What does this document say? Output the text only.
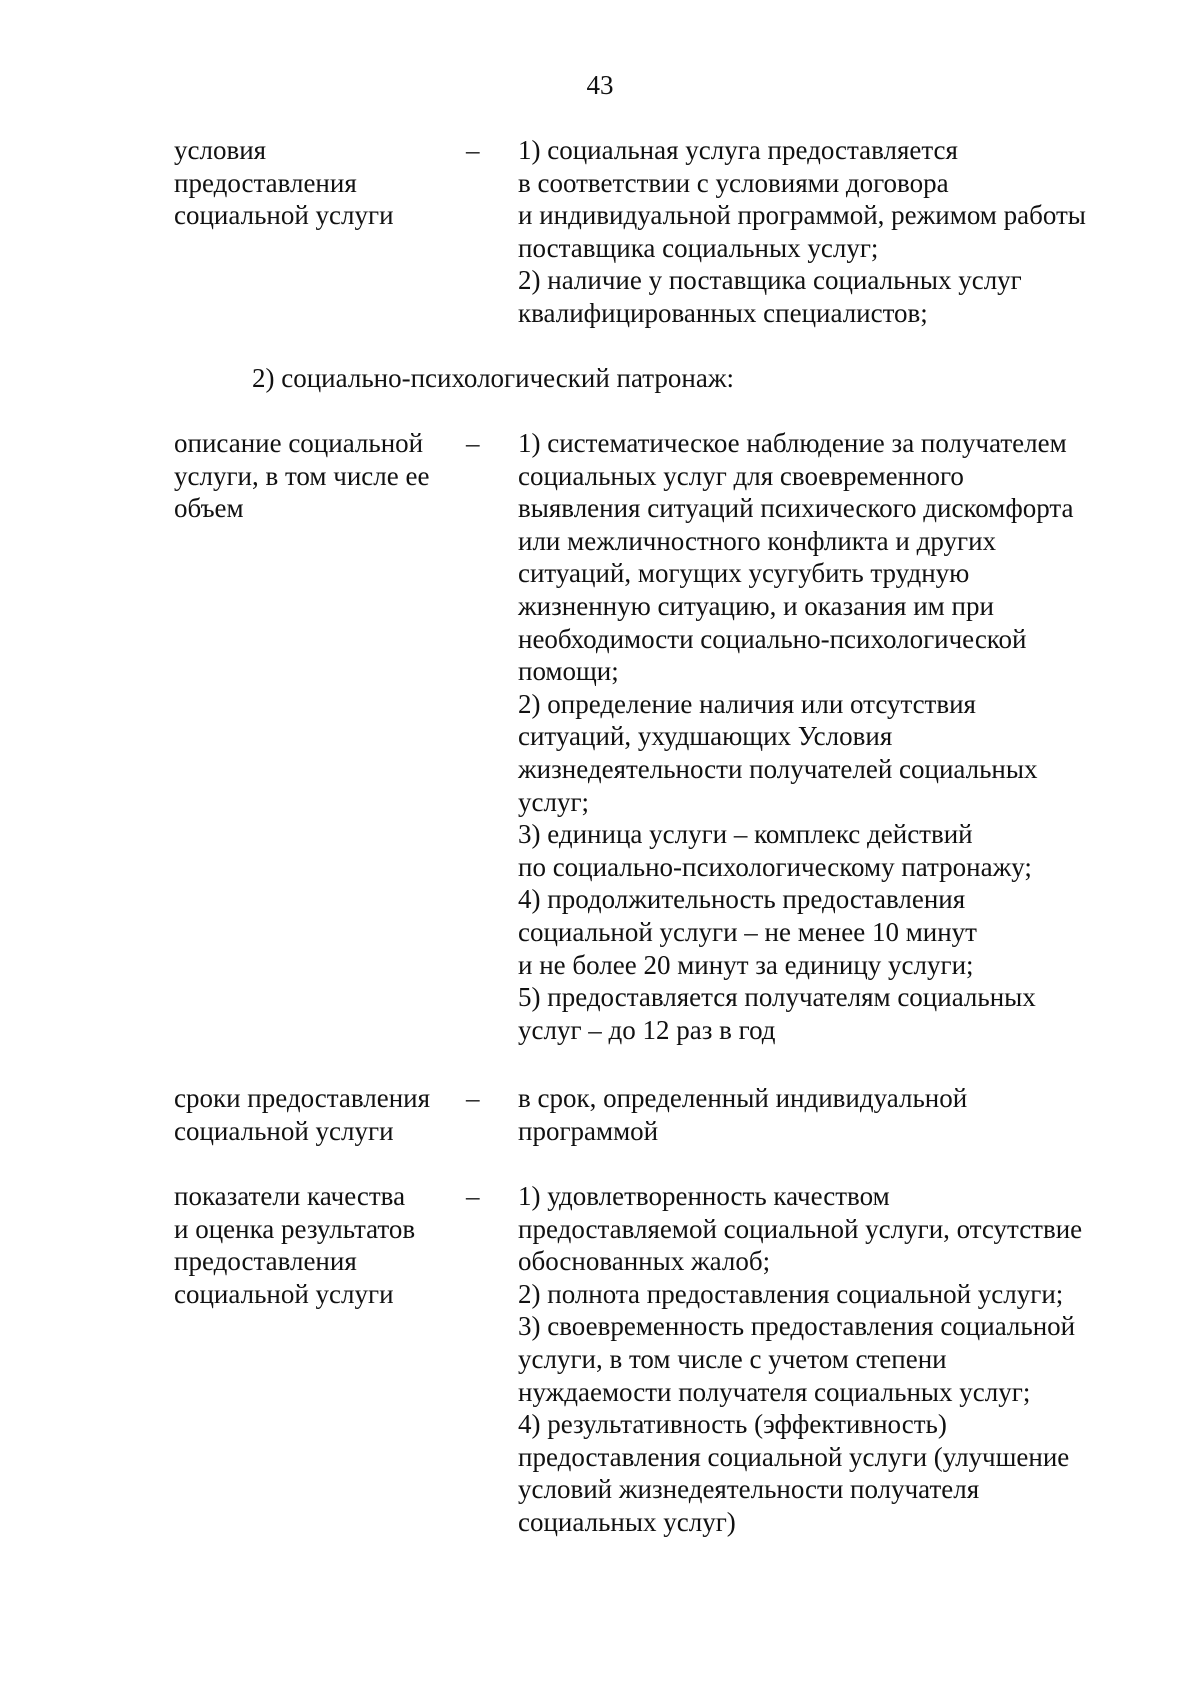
43
условия
предоставления
социальной услуги
–	1) социальная услуга предоставляется
в соответствии с условиями договора
и индивидуальной программой, режимом работы
поставщика социальных услуг;
2) наличие у поставщика социальных услуг
квалифицированных специалистов;
2) социально-психологический патронаж:
описание социальной
услуги, в том числе ее
объем
–	1) систематическое наблюдение за получателем
социальных услуг для своевременного
выявления ситуаций психического дискомфорта
или межличностного конфликта и других
ситуаций, могущих усугубить трудную
жизненную ситуацию, и оказания им при
необходимости социально-психологической
помощи;
2) определение наличия или отсутствия
ситуаций, ухудшающих Условия
жизнедеятельности получателей социальных
услуг;
3) единица услуги – комплекс действий
по социально-психологическому патронажу;
4) продолжительность предоставления
социальной услуги – не менее 10 минут
и не более 20 минут за единицу услуги;
5) предоставляется получателям социальных
услуг – до 12 раз в год
сроки предоставления
социальной услуги
–	в срок, определенный индивидуальной
программой
показатели качества
и оценка результатов
предоставления
социальной услуги
–	1) удовлетворенность качеством
предоставляемой социальной услуги, отсутствие
обоснованных жалоб;
2) полнота предоставления социальной услуги;
3) своевременность предоставления социальной
услуги, в том числе с учетом степени
нуждаемости получателя социальных услуг;
4) результативность (эффективность)
предоставления социальной услуги (улучшение
условий жизнедеятельности получателя
социальных услуг)
